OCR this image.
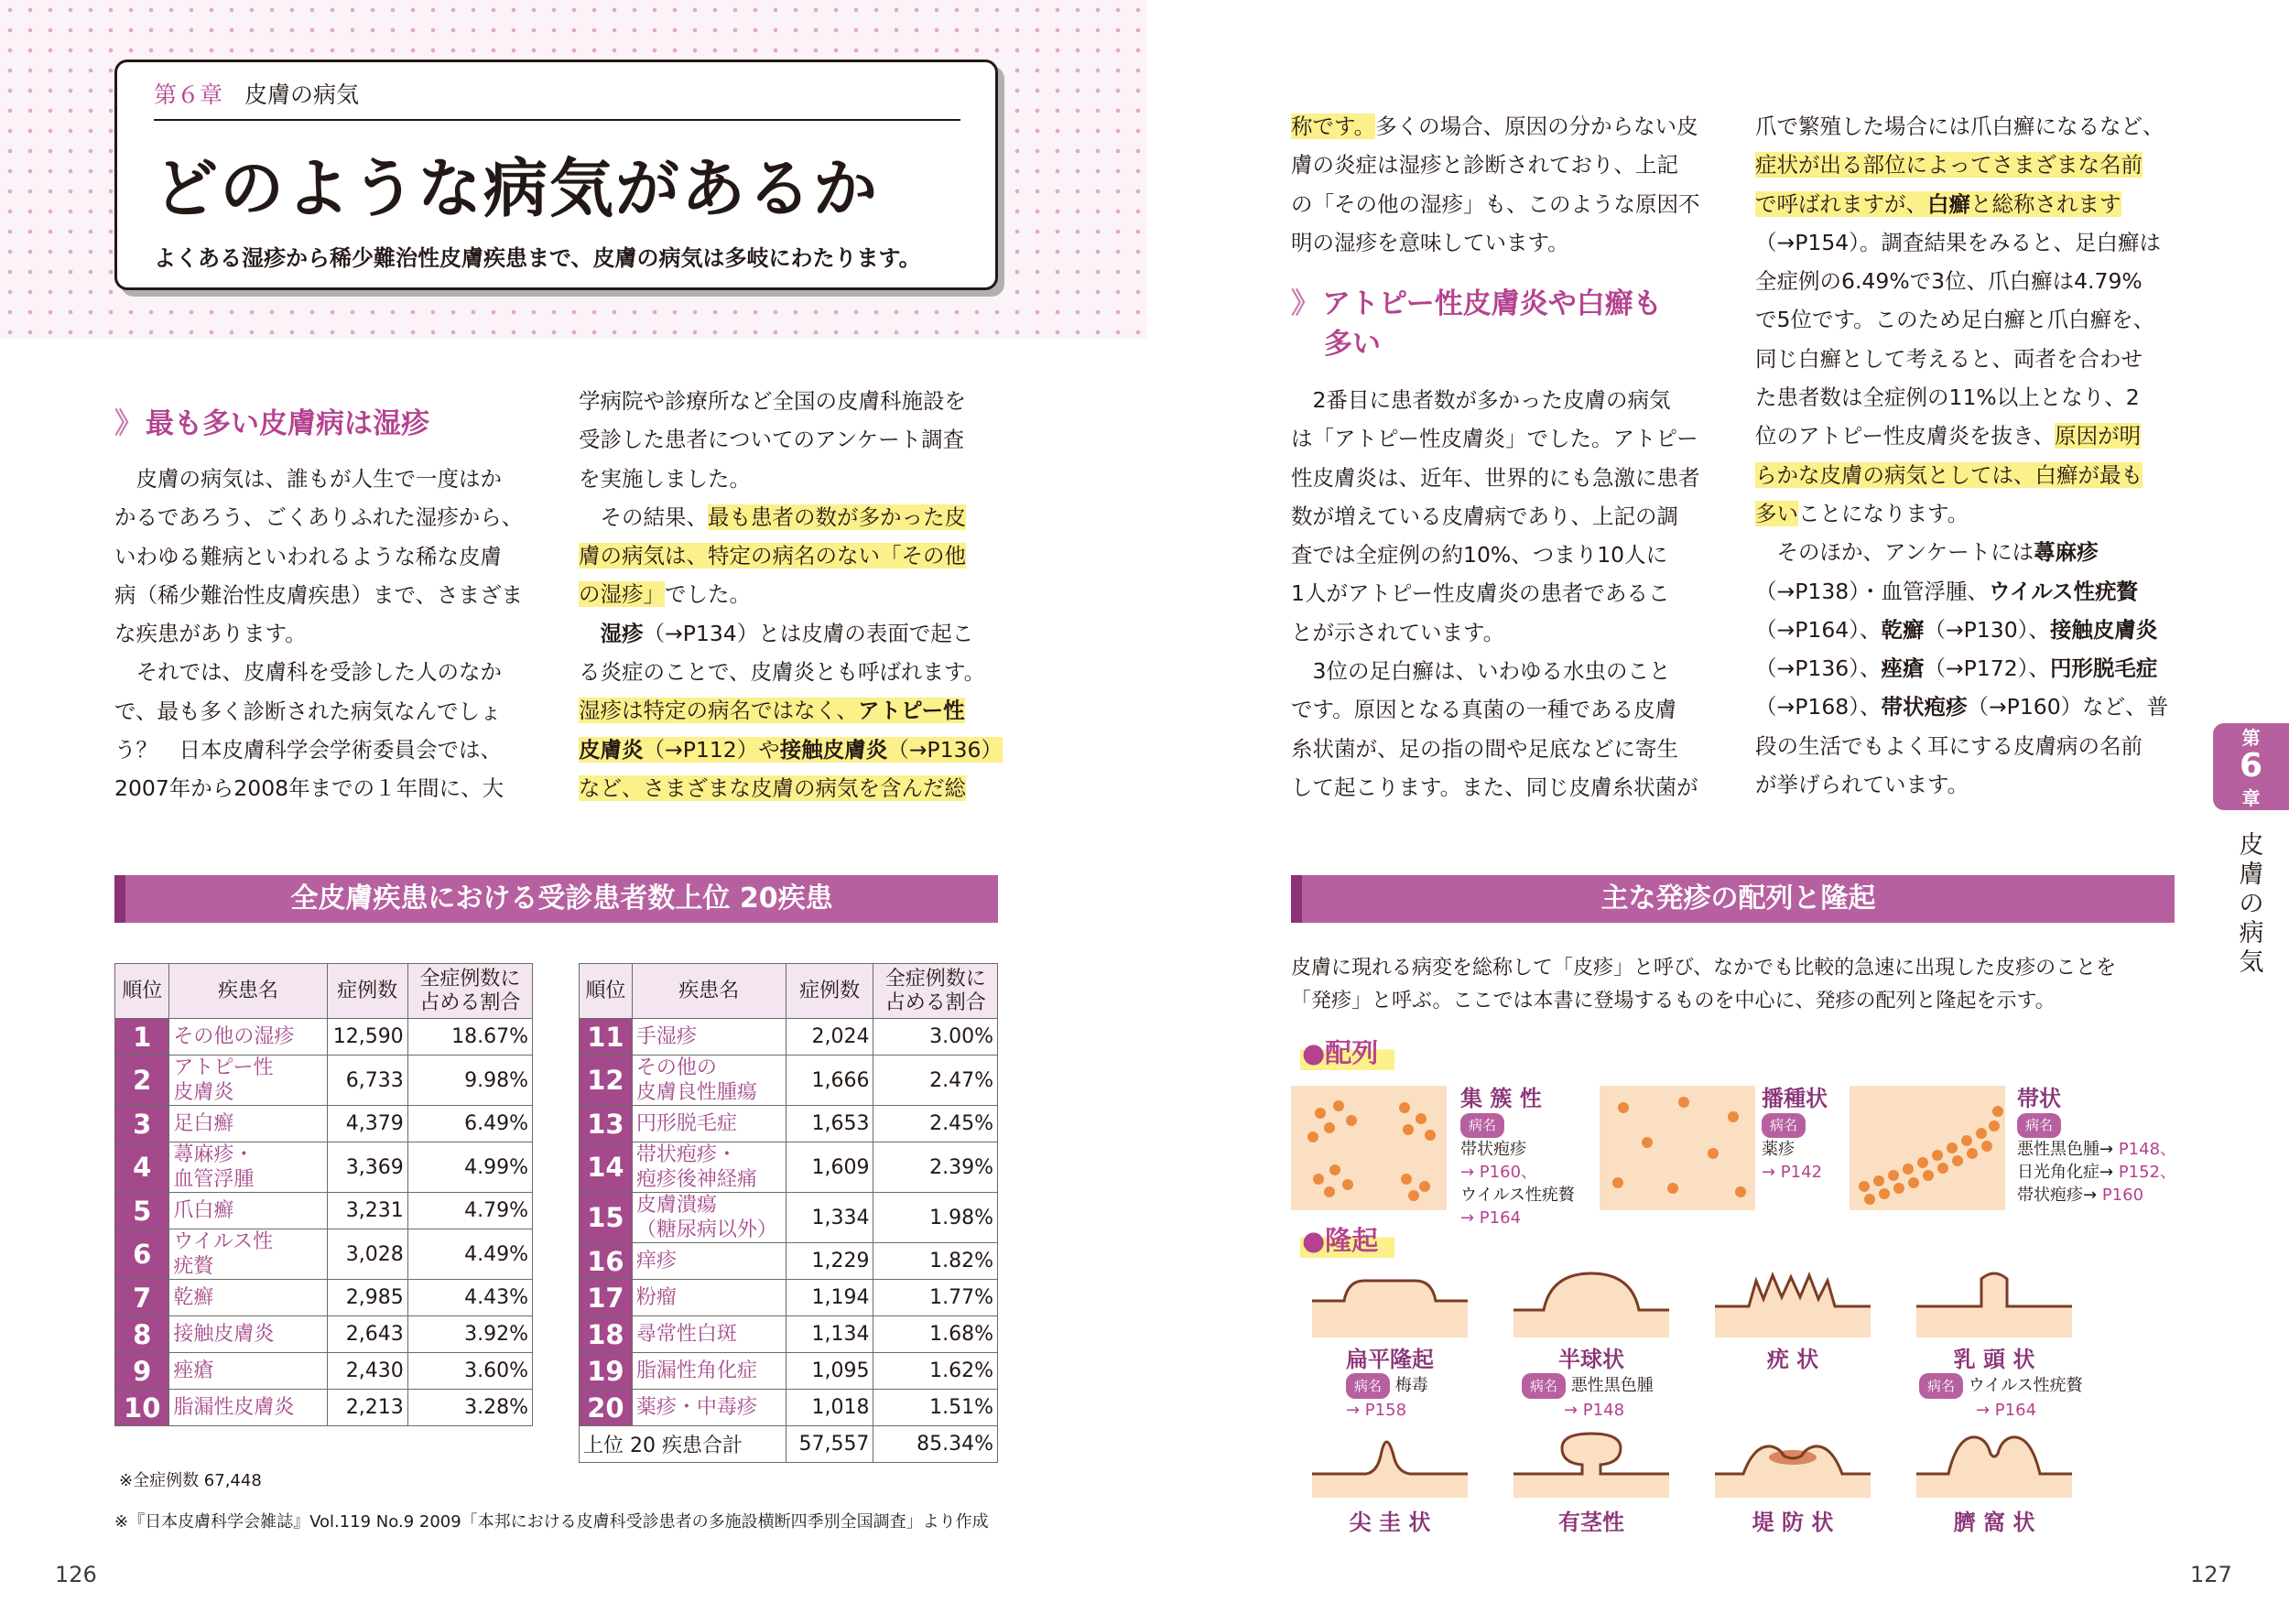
第６章 皮膚の病気
どのような病気があるか
よくある湿疹から稀少難治性皮膚疾患まで、皮膚の病気は多岐にわたります。
》 最も多い皮膚病は湿疹

　皮膚の病気は、誰もが人生で一度はか

かるであろう、ごくありふれた湿疹から、

いわゆる難病といわれるような稀な皮膚

病（稀少難治性皮膚疾患）まで、さまざま

な疾患があります。

　それでは、皮膚科を受診した人のなか

で、最も多く診断された病気なんでしょ

う？　日本皮膚科学会学術委員会では、

2007年から2008年までの１年間に、大

学病院や診療所など全国の皮膚科施設を

受診した患者についてのアンケート調査

を実施しました。

　その結果、最も患者の数が多かった皮

膚の病気は、特定の病名のない「その他

の湿疹」でした。

　湿疹（→P134）とは皮膚の表面で起こ

る炎症のことで、皮膚炎とも呼ばれます。

湿疹は特定の病名ではなく、アトピー性

皮膚炎（→P112）や接触皮膚炎（→P136）

など、さまざまな皮膚の病気を含んだ総

全皮膚疾患における受診患者数上位 20疾患
順位	疾患名	症例数	全症例数に
占める割合
1	その他の湿疹	12,590	18.67%
2	アトピー性
皮膚炎	6,733	9.98%
3	足白癬	4,379	6.49%
4	蕁麻疹・
血管浮腫	3,369	4.99%
5	爪白癬	3,231	4.79%
6	ウイルス性
疣贅	3,028	4.49%
7	乾癬	2,985	4.43%
8	接触皮膚炎	2,643	3.92%
9	痤瘡	2,430	3.60%
10	脂漏性皮膚炎	2,213	3.28%
順位	疾患名	症例数	全症例数に
占める割合
11	手湿疹	2,024	3.00%
12	その他の
皮膚良性腫瘍	1,666	2.47%
13	円形脱毛症	1,653	2.45%
14	帯状疱疹・
疱疹後神経痛	1,609	2.39%
15	皮膚潰瘍
（糖尿病以外）	1,334	1.98%
16	痒疹	1,229	1.82%
17	粉瘤	1,194	1.77%
18	尋常性白斑	1,134	1.68%
19	脂漏性角化症	1,095	1.62%
20	薬疹・中毒疹	1,018	1.51%
上位 20 疾患合計		57,557	85.34%
※全症例数 67,448
※『日本皮膚科学会雑誌』Vol.119 No.9 2009「本邦における皮膚科受診患者の多施設横断四季別全国調査」より作成
126

称です。多くの場合、原因の分からない皮

膚の炎症は湿疹と診断されており、上記

の「その他の湿疹」も、このような原因不

明の湿疹を意味しています。

》 アトピー性皮膚炎や白癬も
多い

　2番目に患者数が多かった皮膚の病気

は「アトピー性皮膚炎」でした。アトピー

性皮膚炎は、近年、世界的にも急激に患者

数が増えている皮膚病であり、上記の調

査では全症例の約10%、つまり10人に

1人がアトピー性皮膚炎の患者であるこ

とが示されています。

　3位の足白癬は、いわゆる水虫のこと

です。原因となる真菌の一種である皮膚

糸状菌が、足の指の間や足底などに寄生

して起こります。また、同じ皮膚糸状菌が

爪で繁殖した場合には爪白癬になるなど、

症状が出る部位によってさまざまな名前

で呼ばれますが、白癬と総称されます

（→P154）。調査結果をみると、足白癬は

全症例の6.49%で3位、爪白癬は4.79%

で5位です。このため足白癬と爪白癬を、

同じ白癬として考えると、両者を合わせ

た患者数は全症例の11%以上となり、2

位のアトピー性皮膚炎を抜き、原因が明

らかな皮膚の病気としては、白癬が最も

多いことになります。

　そのほか、アンケートには蕁麻疹

（→P138）・血管浮腫、ウイルス性疣贅

（→P164）、乾癬（→P130）、接触皮膚炎

（→P136）、痤瘡（→P172）、円形脱毛症

（→P168）、帯状疱疹（→P160）など、普

段の生活でもよく耳にする皮膚病の名前

が挙げられています。

第
6
章
皮膚の病気
主な発疹の配列と隆起

皮膚に現れる病変を総称して「皮疹」と呼び、なかでも比較的急速に出現した皮疹のことを

「発疹」と呼ぶ。ここでは本書に登場するものを中心に、発疹の配列と隆起を示す。

●配列
集 簇 性
病名
帯状疱疹
→ P160、
ウイルス性疣贅
→ P164
播種状
病名
薬疹
→ P142
帯状
病名
悪性黒色腫→ P148、
日光角化症→ P152、
帯状疱疹→ P160
●隆起
扁平隆起
病名 梅毒
→ P158
半球状
病名 悪性黒色腫
→ P148
疣 状	乳 頭 状
病名 ウイルス性疣贅
→ P164
尖 圭 状	有茎性	堤 防 状	臍 窩 状
127
